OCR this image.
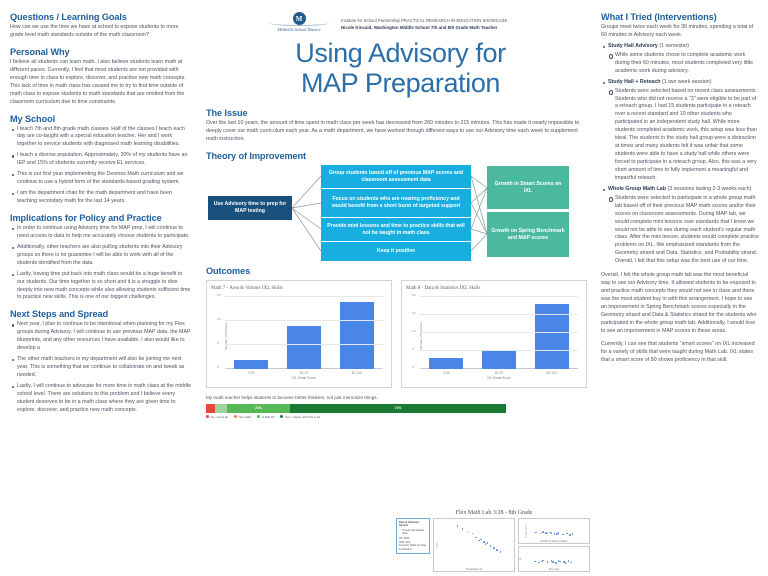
Questions / Learning Goals
How can we use the time we have at school to expose students to more grade level math standards outside of the math classroom?
Personal Why
I believe all students can learn math. I also believe students learn math at different paces. Currently, I feel that most students are not provided with enough time in class to explore, discover, and practice new math concepts. This lack of time in math class has caused me to try to find time outside of math class to expose students to math standards that are omitted from the classroom curriculum due to time constraints.
My School
I teach 7th and 8th grade math classes. Half of the classes I teach each day are co-taught with a special education teacher. Her and I work together to service students with diagnosed math learning disabilities.
I teach a diverse population. Approximately, 30% of my students have an IEP and 15% of students currently receive EL services.
This is our first year implementing the Desmos Math curriculum and we continue to use a hybrid form of the standards-based grading system.
I am the department chair for the math department and have been teaching secondary math for the last 14 years.
Implications for Policy and Practice
In order to continue using Advisory time for MAP prep, I will continue to need access to data to help me accurately choose students to participate.
Additionally, other teachers are also pulling students into their Advisory groups so there is no guarantee I will be able to work with all of the students identified from the data.
Lastly, having time put back into math class would be a huge benefit to our students. Our time together is so short and it is a struggle to dive deeply into new math concepts while also allowing students sufficient time to practice new skills. This is one of our biggest challenges.
Next Steps and Spread
Next year, I plan to continue to be intentional when planning for my Flex groups during Advisory. I will continue to use previous MAP data, the MAP blueprints, and any other resources I have available. I also would like to develop a
The other math teachers in my department will also be joining me next year. This is something that we continue to collaborate on and tweak as needed.
Lastly, I will continue to advocate for more time in math class at the middle school level. There are solutions to this problem and I believe every student deserves to be in a math class where they are given time to explore, discover, and practice new math concepts.
M
Mehlville School District
Institute for School Partnership PRACTICAL RESEARCH IN EDUCATION SHOWCASE
Nicole Kincaid, Washington Middle School 7th and 8th Grade Math Teacher
Using Advisory for
MAP Preparation
The Issue
Over the last 10 years, the amount of time spent in math class per week has decreased from 260 minutes to 215 minutes. This has made it nearly impossible to deeply cover our math curriculum each year. As a math department, we have worked through different ways to use our Advisory time each week to supplement math instruction.
Theory of Improvement
Use Advisory time to prep for MAP testing
Group students based off of previous MAP scores and classroom assessment data
Focus on students who are nearing proficiency and would benefit from a short burst of targeted support
Provide mini lessons and time to practice skills that will not be taught in math class
Keep it positive
Growth in Smart Scores on IXL
Growth on Spring Benchmark and MAP scores
Outcomes
Math 7 - Area & Volume IXL Skills
Number of Students
0-59	60-79	80-100
IXL Smart Score
0
5
10
15
Math 8 - Data & Statistics IXL Skills
Number of Students
0-59	60-79	80-100
IXL Smart Score
0
5
10
15
20
My math teacher helps students to become better thinkers, not just memorize things.
21%	72%
No, not at all	Not really	A little bit	Yes, I agree with this a lot
Flex Math Lab 3/28 - 8th Grade
Data & Statistics Review
• Trends with Scatter Plots
IXL Skills
6DD, 6FS
Formerly Skills for Data & Statistics
Sales
Temperature (F)
Course Score
Number of Absent Classes
IQ
Shoe Size
What I Tried (Interventions)
Groups meet twice each week for 30 minutes, spending a total of 60 minutes in Advisory each week.
Study Hall Advisory (1 semester)
While some students chose to complete academic work during their 60 minutes, most students completed very little academic work during advisory.
Study Hall + Reteach (1 two week session)
Students were selected based on recent class assessments. Students who did not receive a "3" were eligible to be part of a reteach group. I had 15 students participate in a reteach over a recent standard and 10 other students who participated in an independent study hall. While more students completed academic work, this setup was less than ideal. The students in the study hall group were a distraction at times and many students felt it was unfair that some students were able to have a study hall while others were forced to participate in a reteach group. Also, this was a very short amount of time to fully implement a meaningful and impactful reteach.
Whole Group Math Lab (3 sessions lasting 2-3 weeks each)
Students were selected to participate in a whole group math lab based off of their previous MAP math scores and/or their scores on classroom assessments. During MAP lab, we would complete mini lessons over standards that I knew we would not be able to see during each student's regular math class. After the mini lesson, students would complete practice problems on IXL. We emphasized standards from the Geometry strand and Data, Statistics, and Probability strand. Overall, I felt that this setup was the best use of our time.
Overall, I felt the whole group math lab was the most beneficial way to use our Advisory time. It allowed students to be exposed to and practice math concepts they would not see in class and there was the most student buy in with this arrangement. I hope to see an improvement in Spring Benchmark scores especially in the Geometry strand and Data & Statistics strand for the students who participated in the whole group math lab. Additionally, I would love to see an improvement in MAP scores in these areas.
Currently, I can see that students “smart scores” on IXL increased for a variety of skills that were taught during Math Lab. IXL states that a smart score of 80 shows proficiency in that skill.
